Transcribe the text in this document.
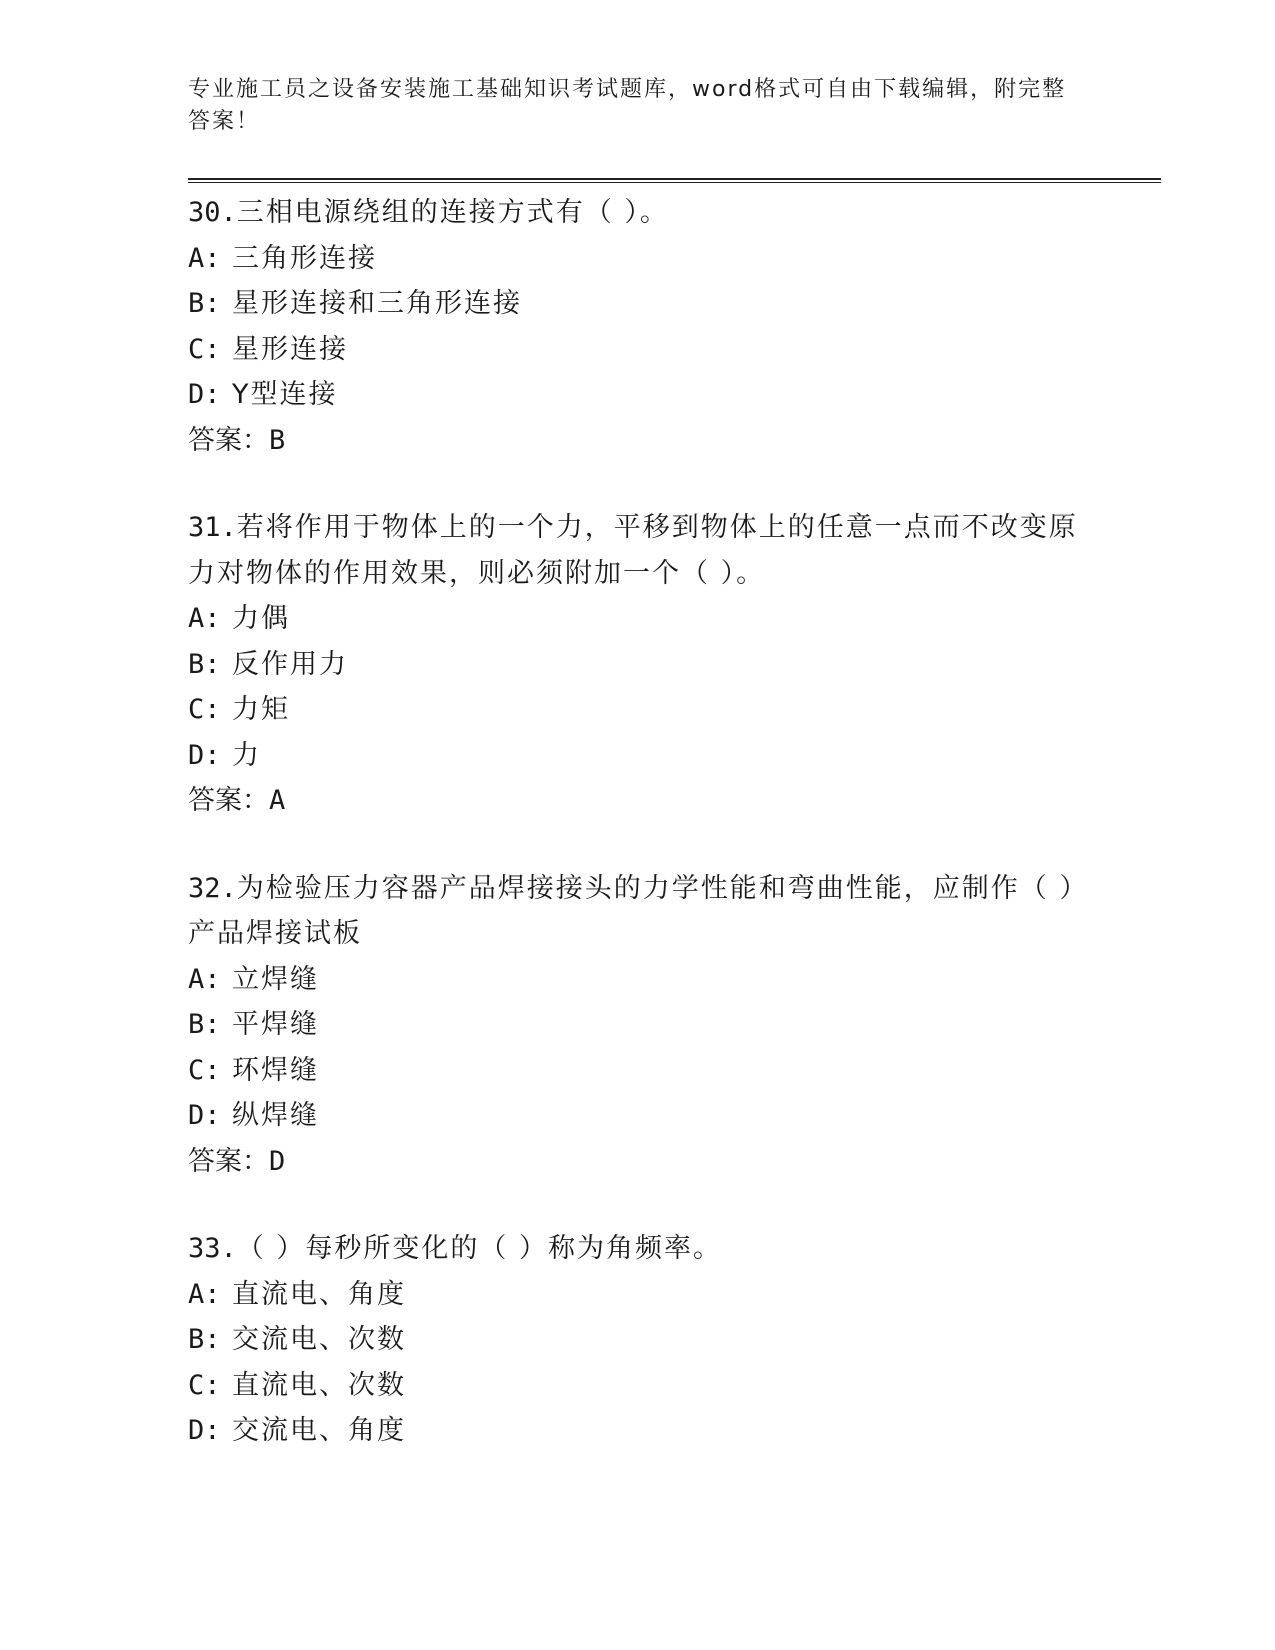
专业施工员之设备安装施工基础知识考试题库，word格式可自由下载编辑，附完整答案！
30.三相电源绕组的连接方式有（ ）。
A: 三角形连接
B: 星形连接和三角形连接
C: 星形连接
D: Y型连接
答案：B
31.若将作用于物体上的一个力，平移到物体上的任意一点而不改变原力对物体的作用效果，则必须附加一个（ ）。
A: 力偶
B: 反作用力
C: 力矩
D: 力
答案：A
32.为检验压力容器产品焊接接头的力学性能和弯曲性能，应制作（ ）产品焊接试板
A: 立焊缝
B: 平焊缝
C: 环焊缝
D: 纵焊缝
答案：D
33.（ ）每秒所变化的（ ）称为角频率。
A: 直流电、角度
B: 交流电、次数
C: 直流电、次数
D: 交流电、角度
